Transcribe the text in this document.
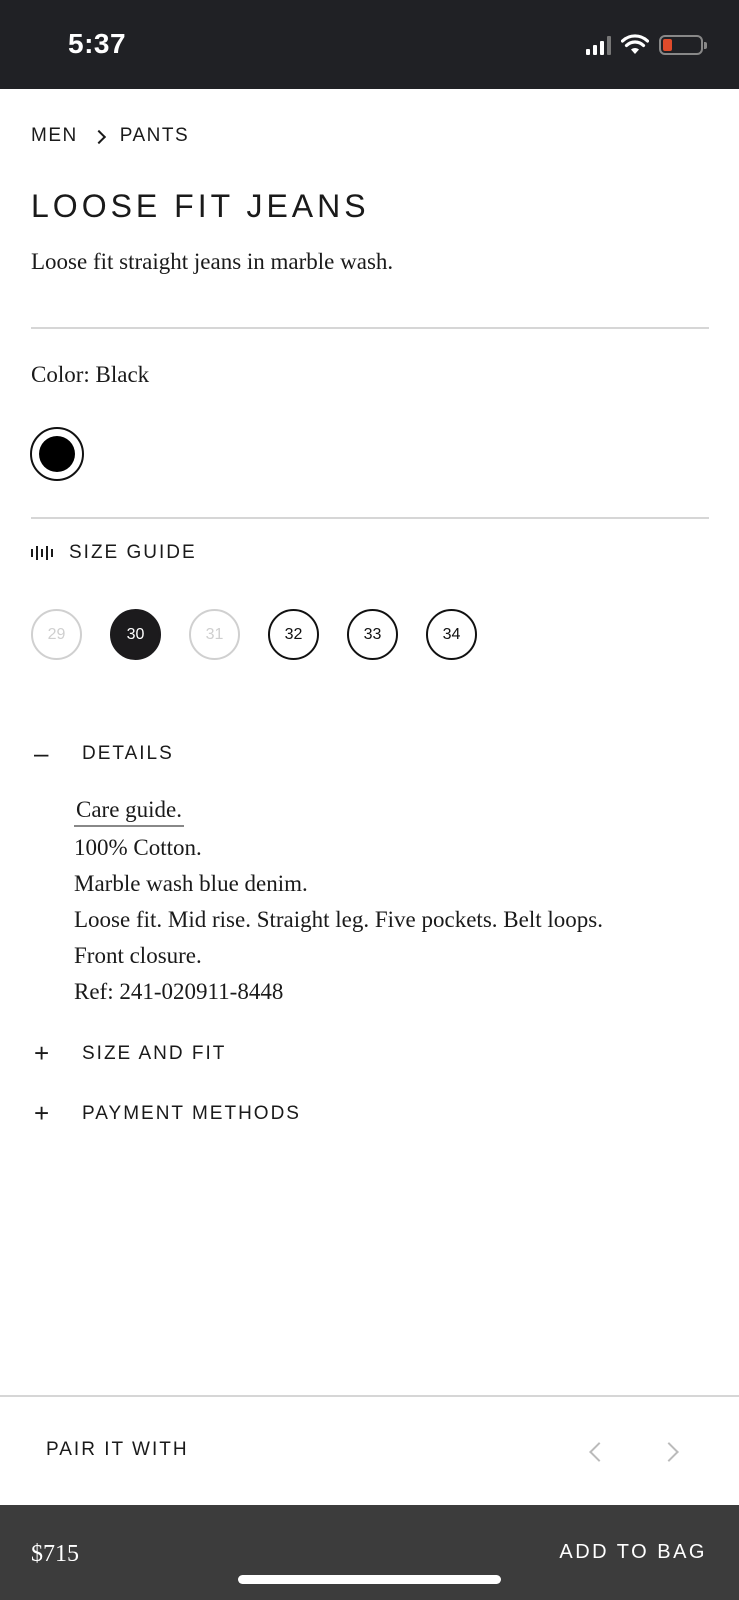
5:37
MEN PANTS
LOOSE FIT JEANS

Loose fit straight jeans in marble wash.

Color: Black
SIZE GUIDE
29	30	31	32	33	34
–	DETAILS
Care guide.
100% Cotton.
Marble wash blue denim.
Loose fit. Mid rise. Straight leg. Five pockets. Belt loops.
Front closure.
Ref: 241-020911-8448
+	SIZE AND FIT
+	PAYMENT METHODS
PAIR IT WITH
$715	ADD TO BAG
